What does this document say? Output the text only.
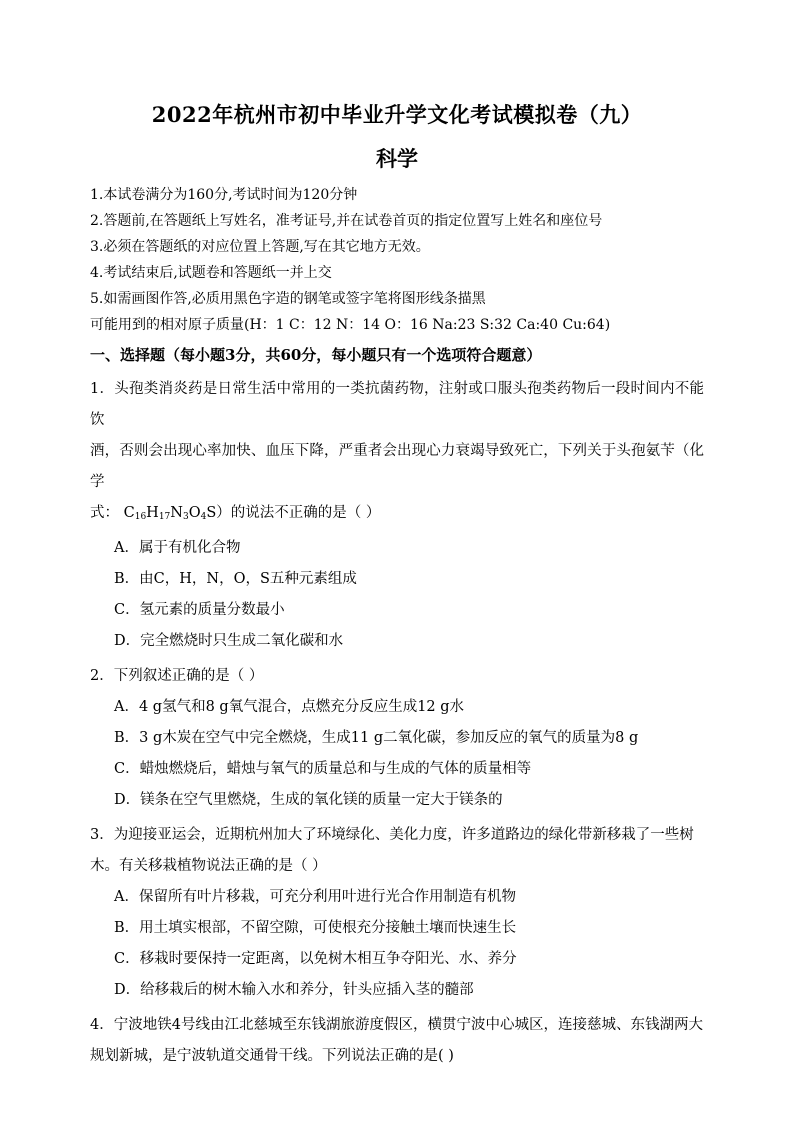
2022年杭州市初中毕业升学文化考试模拟卷（九）
科学
1.本试卷满分为160分,考试时间为120分钟
2.答题前,在答题纸上写姓名，准考证号,并在试卷首页的指定位置写上姓名和座位号
3.必须在答题纸的对应位置上答题,写在其它地方无效。
4.考试结束后,试题卷和答题纸一并上交
5.如需画图作答,必质用黑色字造的钢笔或签字笔将图形线条描黑
可能用到的相对原子质量(H：1 C：12 N：14 O：16 Na:23 S:32 Ca:40 Cu:64)
一、选择题（每小题3分，共60分，每小题只有一个选项符合题意）
1．头孢类消炎药是日常生活中常用的一类抗菌药物，注射或口服头孢类药物后一段时间内不能饮
酒，否则会出现心率加快、血压下降，严重者会出现心力衰竭导致死亡，下列关于头孢氨苄（化学
式： $C_{16}H_{17}N_3O_4S$）的说法不正确的是（ ）
A．属于有机化合物
B．由C，H，N，O，S五种元素组成
C．氢元素的质量分数最小
D．完全燃烧时只生成二氧化碳和水
2．下列叙述正确的是（ ）
A．4 g氢气和8 g氧气混合，点燃充分反应生成12 g水
B．3 g木炭在空气中完全燃烧，生成11 g二氧化碳，参加反应的氧气的质量为8 g
C．蜡烛燃烧后，蜡烛与氧气的质量总和与生成的气体的质量相等
D．镁条在空气里燃烧，生成的氧化镁的质量一定大于镁条的
3．为迎接亚运会，近期杭州加大了环境绿化、美化力度，许多道路边的绿化带新移栽了一些树
木。有关移栽植物说法正确的是（ ）
A．保留所有叶片移栽，可充分利用叶进行光合作用制造有机物
B．用土填实根部，不留空隙，可使根充分接触土壤而快速生长
C．移栽时要保持一定距离，以免树木相互争夺阳光、水、养分
D．给移栽后的树木输入水和养分，针头应插入茎的髓部
4．宁波地铁4号线由江北慈城至东钱湖旅游度假区，横贯宁波中心城区，连接慈城、东钱湖两大
规划新城，是宁波轨道交通骨干线。下列说法正确的是( )
